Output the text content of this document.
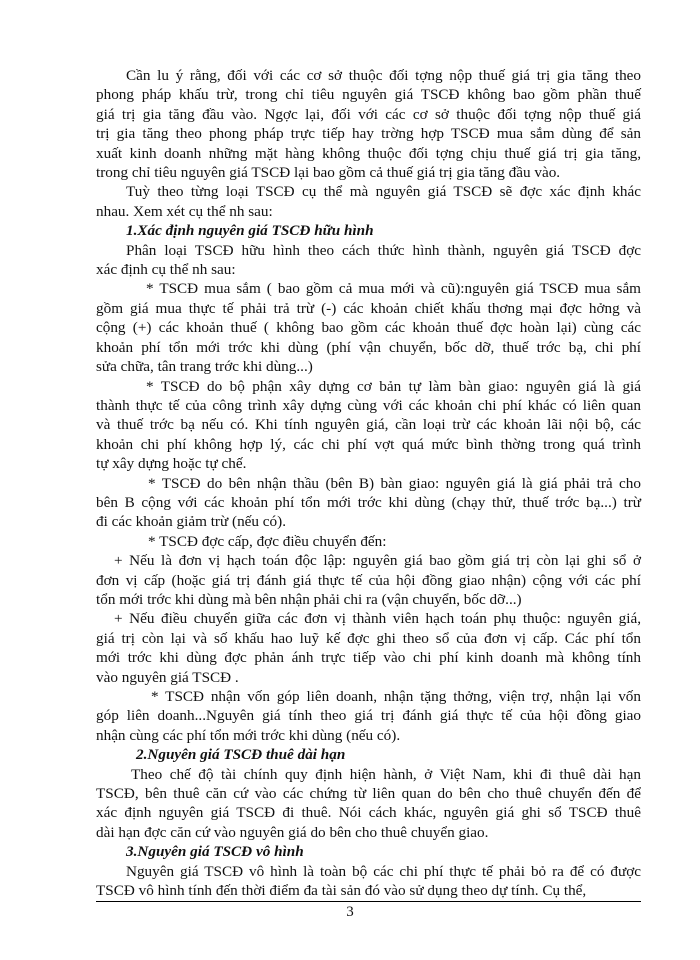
Cần lu ý rằng, đối với các cơ sở thuộc đối tợng nộp thuế giá trị gia tăng theo
phong pháp khấu trừ, trong chỉ tiêu nguyên giá TSCĐ không bao gồm phần thuế
giá trị gia tăng đầu vào. Ngợc lại, đối với các cơ sở thuộc đối tợng nộp thuế giá
trị gia tăng theo phong pháp trực tiếp hay trờng hợp TSCĐ mua sắm dùng để sản
xuất kinh doanh những mặt hàng không thuộc đối tợng chịu thuế giá trị gia tăng,
trong chỉ tiêu nguyên giá TSCĐ lại bao gồm cả thuế giá trị gia tăng đầu vào.
Tuỳ theo từng loại TSCĐ cụ thể mà nguyên giá TSCĐ sẽ đợc xác định khác
nhau. Xem xét cụ thể nh sau:
1.Xác định nguyên giá TSCĐ hữu hình
Phân loại TSCĐ hữu hình theo cách thức hình thành, nguyên giá TSCĐ đợc
xác định cụ thể nh sau:
* TSCĐ mua sắm ( bao gồm cả mua mới và cũ):nguyên giá TSCĐ mua sắm
gồm giá mua thực tế phải trả trừ (-) các khoản chiết khấu thơng mại đợc hởng và
cộng (+) các khoản thuế ( không bao gồm các khoản thuế đợc hoàn lại) cùng các
khoản phí tổn mới trớc khi dùng (phí vận chuyển, bốc dỡ, thuế trớc bạ, chi phí
sửa chữa, tân trang trớc khi dùng...)
* TSCĐ do bộ phận xây dựng cơ bản tự làm bàn giao: nguyên giá là giá
thành thực tế của công trình xây dựng cùng với các khoản chi phí khác có liên quan
và thuế trớc bạ nếu có. Khi tính nguyên giá, cần loại trừ các khoản lãi nội bộ, các
khoản chi phí không hợp lý, các chi phí vợt quá mức bình thờng trong quá trình
tự xây dựng hoặc tự chế.
* TSCĐ do bên nhận thầu (bên B) bàn giao: nguyên giá là giá phải trả cho
bên B cộng với các khoản phí tổn mới trớc khi dùng (chạy thử, thuế trớc bạ...) trừ
đi các khoản giảm trừ (nếu có).
* TSCĐ đợc cấp, đợc điều chuyển đến:
+ Nếu là đơn vị hạch toán độc lập: nguyên giá bao gồm giá trị còn lại ghi sổ ở
đơn vị cấp (hoặc giá trị đánh giá thực tế của hội đồng giao nhận) cộng với các phí
tổn mới trớc khi dùng mà bên nhận phải chi ra (vận chuyển, bốc dỡ...)
+ Nếu điều chuyển giữa các đơn vị thành viên hạch toán phụ thuộc: nguyên giá,
giá trị còn lại và số khấu hao luỹ kế đợc ghi theo sổ của đơn vị cấp. Các phí tổn
mới trớc khi dùng đợc phản ánh trực tiếp vào chi phí kinh doanh mà không tính
vào nguyên giá TSCĐ .
* TSCĐ nhận vốn góp liên doanh, nhận tặng thởng, viện trợ, nhận lại vốn
góp liên doanh...Nguyên giá tính theo giá trị đánh giá thực tế của hội đồng giao
nhận cùng các phí tổn mới trớc khi dùng (nếu có).
2.Nguyên giá TSCĐ thuê dài hạn
Theo chế độ tài chính quy định hiện hành, ở Việt Nam, khi đi thuê dài hạn
TSCĐ, bên thuê căn cứ vào các chứng từ liên quan do bên cho thuê chuyển đến để
xác định nguyên giá TSCĐ đi thuê. Nói cách khác, nguyên giá ghi sổ TSCĐ thuê
dài hạn đợc căn cứ vào nguyên giá do bên cho thuê chuyển giao.
3.Nguyên giá TSCĐ vô hình
Nguyên giá TSCĐ vô hình là toàn bộ các chi phí thực tế phải bỏ ra để có được
TSCĐ vô hình tính đến thời điểm đa tài sản đó vào sử dụng theo dự tính. Cụ thể,
3
